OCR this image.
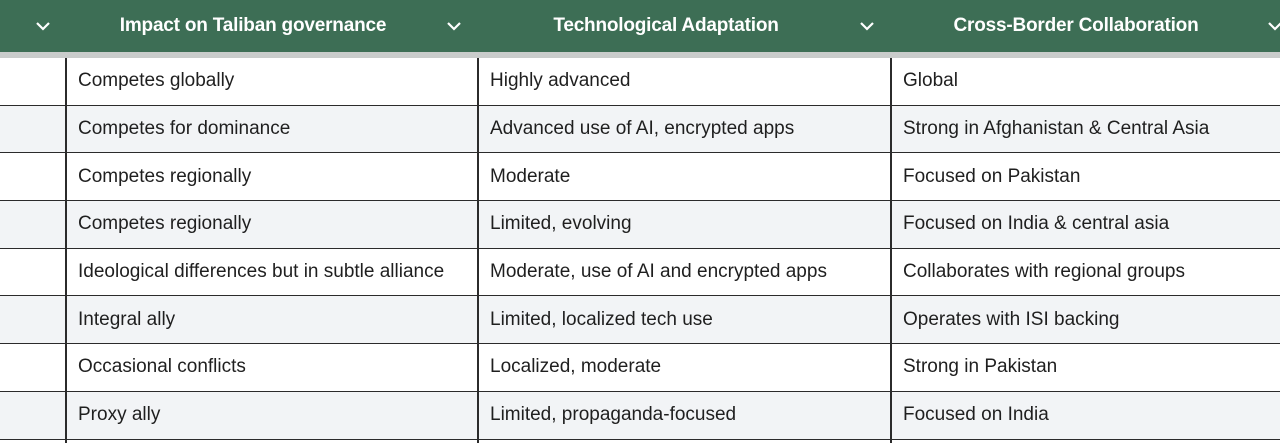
Impact on Taliban governance	Technological Adaptation	Cross-Border Collaboration
Competes globally	Highly advanced	Global
Competes for dominance	Advanced use of AI, encrypted apps	Strong in Afghanistan & Central Asia
Competes regionally	Moderate	Focused on Pakistan
Competes regionally	Limited, evolving	Focused on India & central asia
Ideological differences but in subtle alliance	Moderate, use of AI and encrypted apps	Collaborates with regional groups
Integral ally	Limited, localized tech use	Operates with ISI backing
Occasional conflicts	Localized, moderate	Strong in Pakistan
Proxy ally	Limited, propaganda-focused	Focused on India
